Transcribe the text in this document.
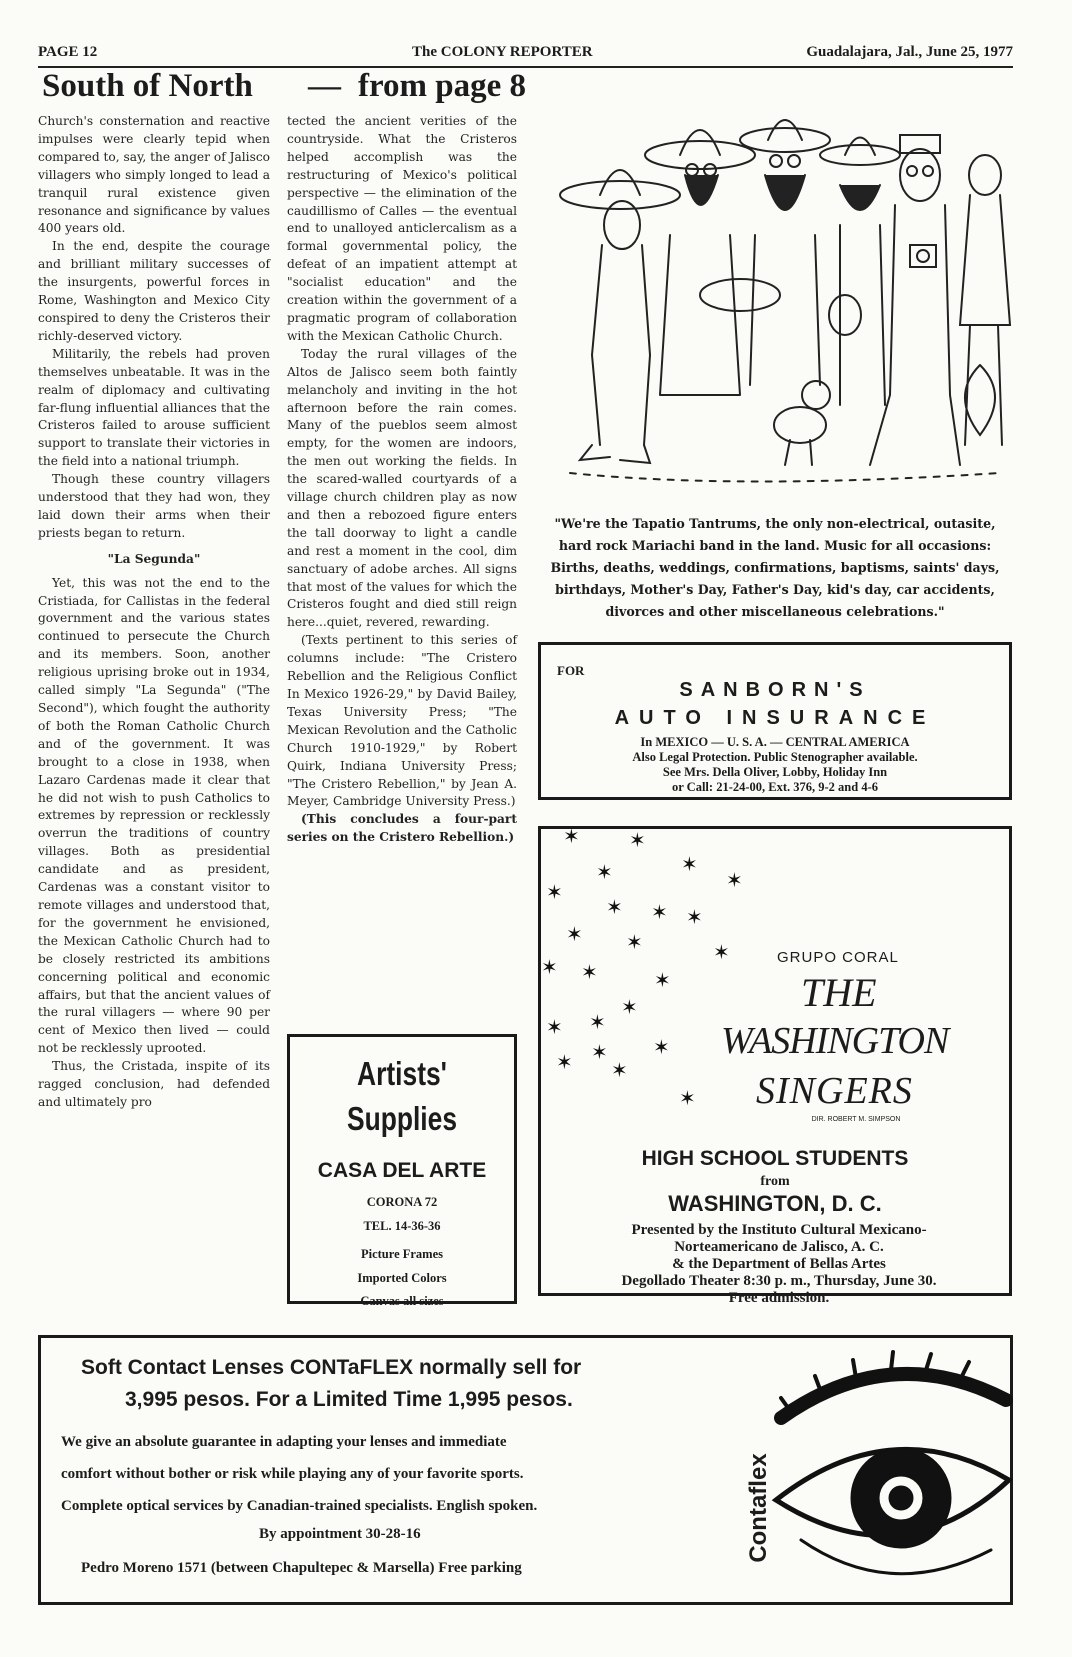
PAGE 12	The COLONY REPORTER	Guadalajara, Jal., June 25, 1977
South of North — from page 8

Church's consternation and reactive impulses were clearly tepid when compared to, say, the anger of Jalisco villagers who simply longed to lead a tranquil rural existence given resonance and significance by values 400 years old.

In the end, despite the courage and brilliant military successes of the insurgents, powerful forces in Rome, Washington and Mexico City conspired to deny the Cristeros their richly-deserved victory.

Militarily, the rebels had proven themselves unbeatable. It was in the realm of diplomacy and cultivating far-flung influential alliances that the Cristeros failed to arouse sufficient support to translate their victories in the field into a national triumph.

Though these country villagers understood that they had won, they laid down their arms when their priests began to return.

"La Segunda"

Yet, this was not the end to the Cristiada, for Callistas in the federal government and the various states continued to persecute the Church and its members. Soon, another religious uprising broke out in 1934, called simply "La Segunda" ("The Second"), which fought the authority of both the Roman Catholic Church and of the government. It was brought to a close in 1938, when Lazaro Cardenas made it clear that he did not wish to push Catholics to extremes by repression or recklessly overrun the traditions of country villages. Both as presidential candidate and as president, Cardenas was a constant visitor to remote villages and understood that, for the government he envisioned, the Mexican Catholic Church had to be closely restricted its ambitions concerning political and economic affairs, but that the ancient values of the rural villagers — where 90 per cent of Mexico then lived — could not be recklessly uprooted.

Thus, the Cristada, inspite of its ragged conclusion, had defended and ultimately pro

tected the ancient verities of the countryside. What the Cristeros helped accomplish was the restructuring of Mexico's political perspective — the elimination of the caudillismo of Calles — the eventual end to unalloyed anticlercalism as a formal governmental policy, the defeat of an impatient attempt at "socialist education" and the creation within the government of a pragmatic program of collaboration with the Mexican Catholic Church.

Today the rural villages of the Altos de Jalisco seem both faintly melancholy and inviting in the hot afternoon before the rain comes. Many of the pueblos seem almost empty, for the women are indoors, the men out working the fields. In the scared-walled courtyards of a village church children play as now and then a rebozoed figure enters the tall doorway to light a candle and rest a moment in the cool, dim sanctuary of adobe arches. All signs that most of the values for which the Cristeros fought and died still reign here...quiet, revered, rewarding.

(Texts pertinent to this series of columns include: "The Cristero Rebellion and the Religious Conflict In Mexico 1926-29," by David Bailey, Texas University Press; "The Mexican Revolution and the Catholic Church 1910-1929," by Robert Quirk, Indiana University Press; "The Cristero Rebellion," by Jean A. Meyer, Cambridge University Press.)

(This concludes a four-part series on the Cristero Rebellion.)

"We're the Tapatio Tantrums, the only non-electrical, outasite, hard rock Mariachi band in the land. Music for all occasions: Births, deaths, weddings, confirmations, baptisms, saints' days, birthdays, Mother's Day, Father's Day, kid's day, car accidents, divorces and other miscellaneous celebrations."
FOR
SANBORN'S
AUTO INSURANCE
In MEXICO — U. S. A. — CENTRAL AMERICA
Also Legal Protection. Public Stenographer available.
See Mrs. Della Oliver, Lobby, Holiday Inn
or Call: 21-24-00, Ext. 376, 9-2 and 4-6
✶ ✶
✶
✶	✶
✶
✶ ✶ ✶
✶ ✶	✶
✶ ✶	✶
✶
✶
✶
✶
✶
✶ ✶
✶
GRUPO CORAL
THE
WASHINGTON
SINGERS
DIR. ROBERT M. SIMPSON
HIGH SCHOOL STUDENTS
from
WASHINGTON, D. C.
Presented by the Instituto Cultural Mexicano-
Norteamericano de Jalisco, A. C.
& the Department of Bellas Artes
Degollado Theater 8:30 p. m., Thursday, June 30.
Free admission.
Artists'
Supplies
CASA DEL ARTE
CORONA 72
TEL. 14-36-36
Picture Frames
Imported Colors
Canvas all sizes
Soft Contact Lenses CONTaFLEX normally sell for
3,995 pesos. For a Limited Time 1,995 pesos.
We give an absolute guarantee in adapting your lenses and immediate
comfort without bother or risk while playing any of your favorite sports.
Complete optical services by Canadian-trained specialists. English spoken.
By appointment 30-28-16
Pedro Moreno 1571 (between Chapultepec & Marsella) Free parking
Contaflex
